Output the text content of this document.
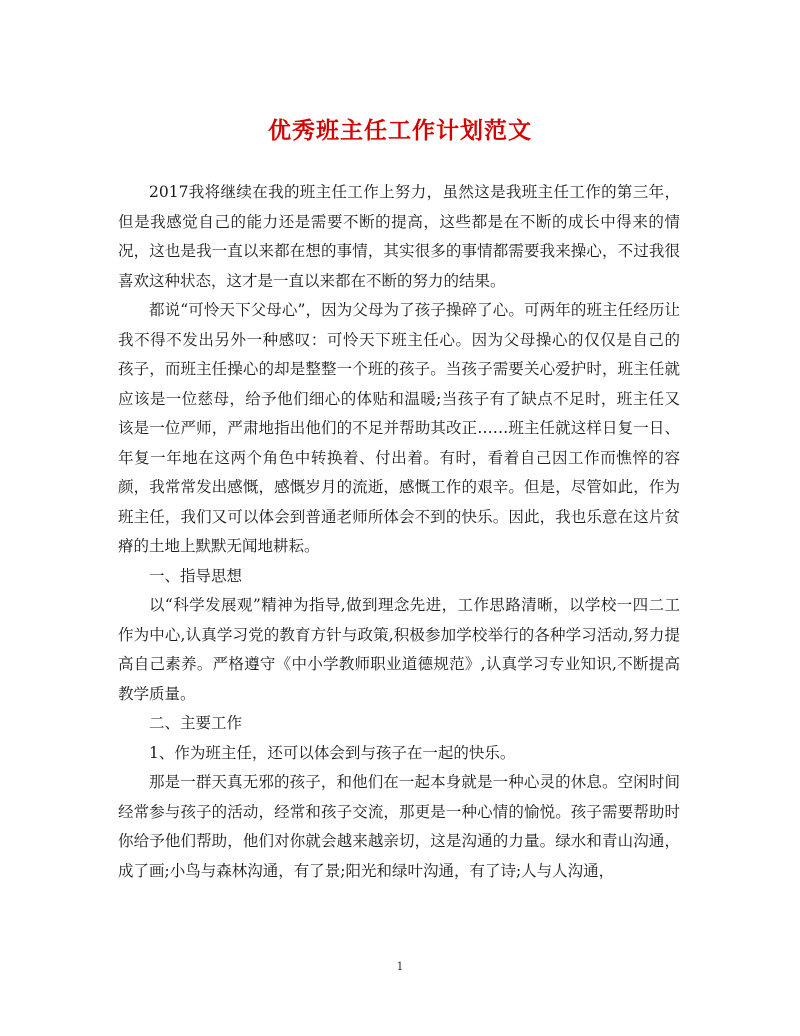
优秀班主任工作计划范文

2017我将继续在我的班主任工作上努力，虽然这是我班主任工作的第三年，但是我感觉自己的能力还是需要不断的提高，这些都是在不断的成长中得来的情况，这也是我一直以来都在想的事情，其实很多的事情都需要我来操心，不过我很喜欢这种状态，这才是一直以来都在不断的努力的结果。

都说“可怜天下父母心”，因为父母为了孩子操碎了心。可两年的班主任经历让我不得不发出另外一种感叹：可怜天下班主任心。因为父母操心的仅仅是自己的 孩子，而班主任操心的却是整整一个班的孩子。当孩子需要关心爱护时，班主任就应该是一位慈母，给予他们细心的体贴和温暖;当孩子有了缺点不足时，班主任又 该是一位严师，严肃地指出他们的不足并帮助其改正……班主任就这样日复一日、年复一年地在这两个角色中转换着、付出着。有时，看着自己因工作而憔悴的容 颜，我常常发出感慨，感慨岁月的流逝，感慨工作的艰辛。但是，尽管如此，作为班主任，我们又可以体会到普通老师所体会不到的快乐。因此，我也乐意在这片贫 瘠的土地上默默无闻地耕耘。

一、指导思想

以“科学发展观”精神为指导,做到理念先进，工作思路清晰，以学校一四二工作为中心,认真学习党的教育方针与政策,积极参加学校举行的各种学习活动,努力提高自己素养。严格遵守《中小学教师职业道德规范》,认真学习专业知识,不断提高教学质量。

二、主要工作

1、作为班主任，还可以体会到与孩子在一起的快乐。

那是一群天真无邪的孩子，和他们在一起本身就是一种心灵的休息。空闲时间经常参与孩子的活动，经常和孩子交流，那更是一种心情的愉悦。孩子需要帮助时 你给予他们帮助，他们对你就会越来越亲切，这是沟通的力量。绿水和青山沟通，成了画;小鸟与森林沟通，有了景;阳光和绿叶沟通，有了诗;人与人沟通，

1
